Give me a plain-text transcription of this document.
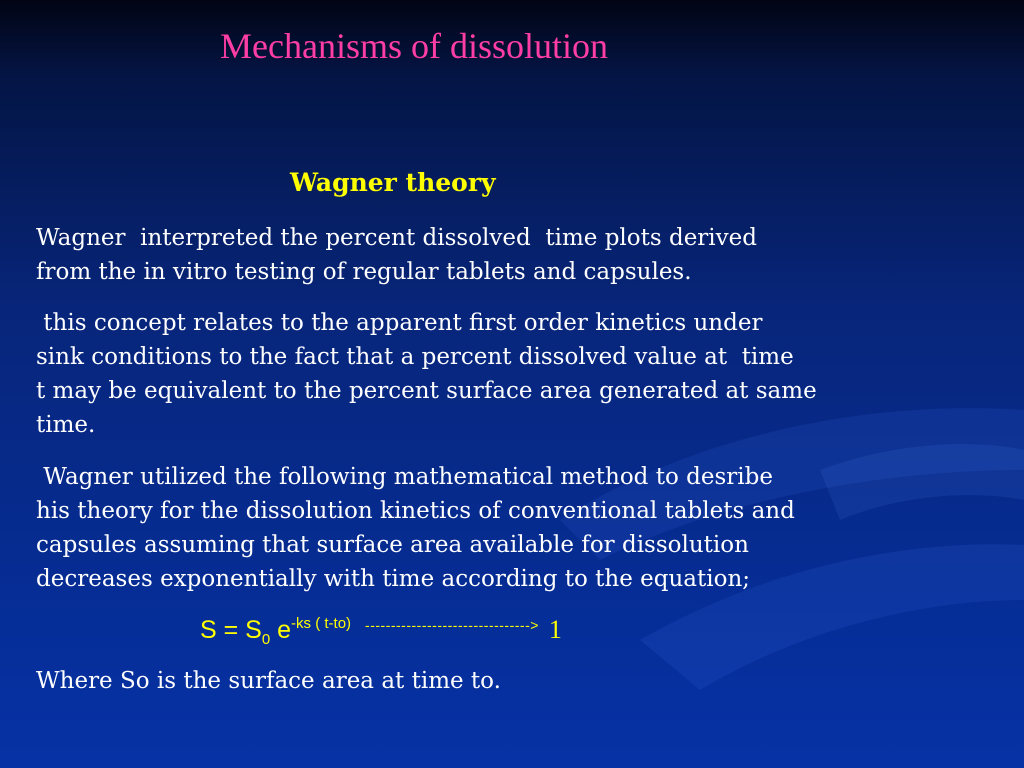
Mechanisms of dissolution
Wagner theory
Wagner  interpreted the percent dissolved  time plots derived
from the in vitro testing of regular tablets and capsules.
this concept relates to the apparent first order kinetics under
sink conditions to the fact that a percent dissolved value at  time
t may be equivalent to the percent surface area generated at same
time.
Wagner utilized the following mathematical method to desribe
his theory for the dissolution kinetics of conventional tablets and
capsules assuming that surface area available for dissolution
decreases exponentially with time according to the equation;
$S = S_0$ $e^{-ks ( t-to)}$ --------------------------------> 1
Where So is the surface area at time to.
